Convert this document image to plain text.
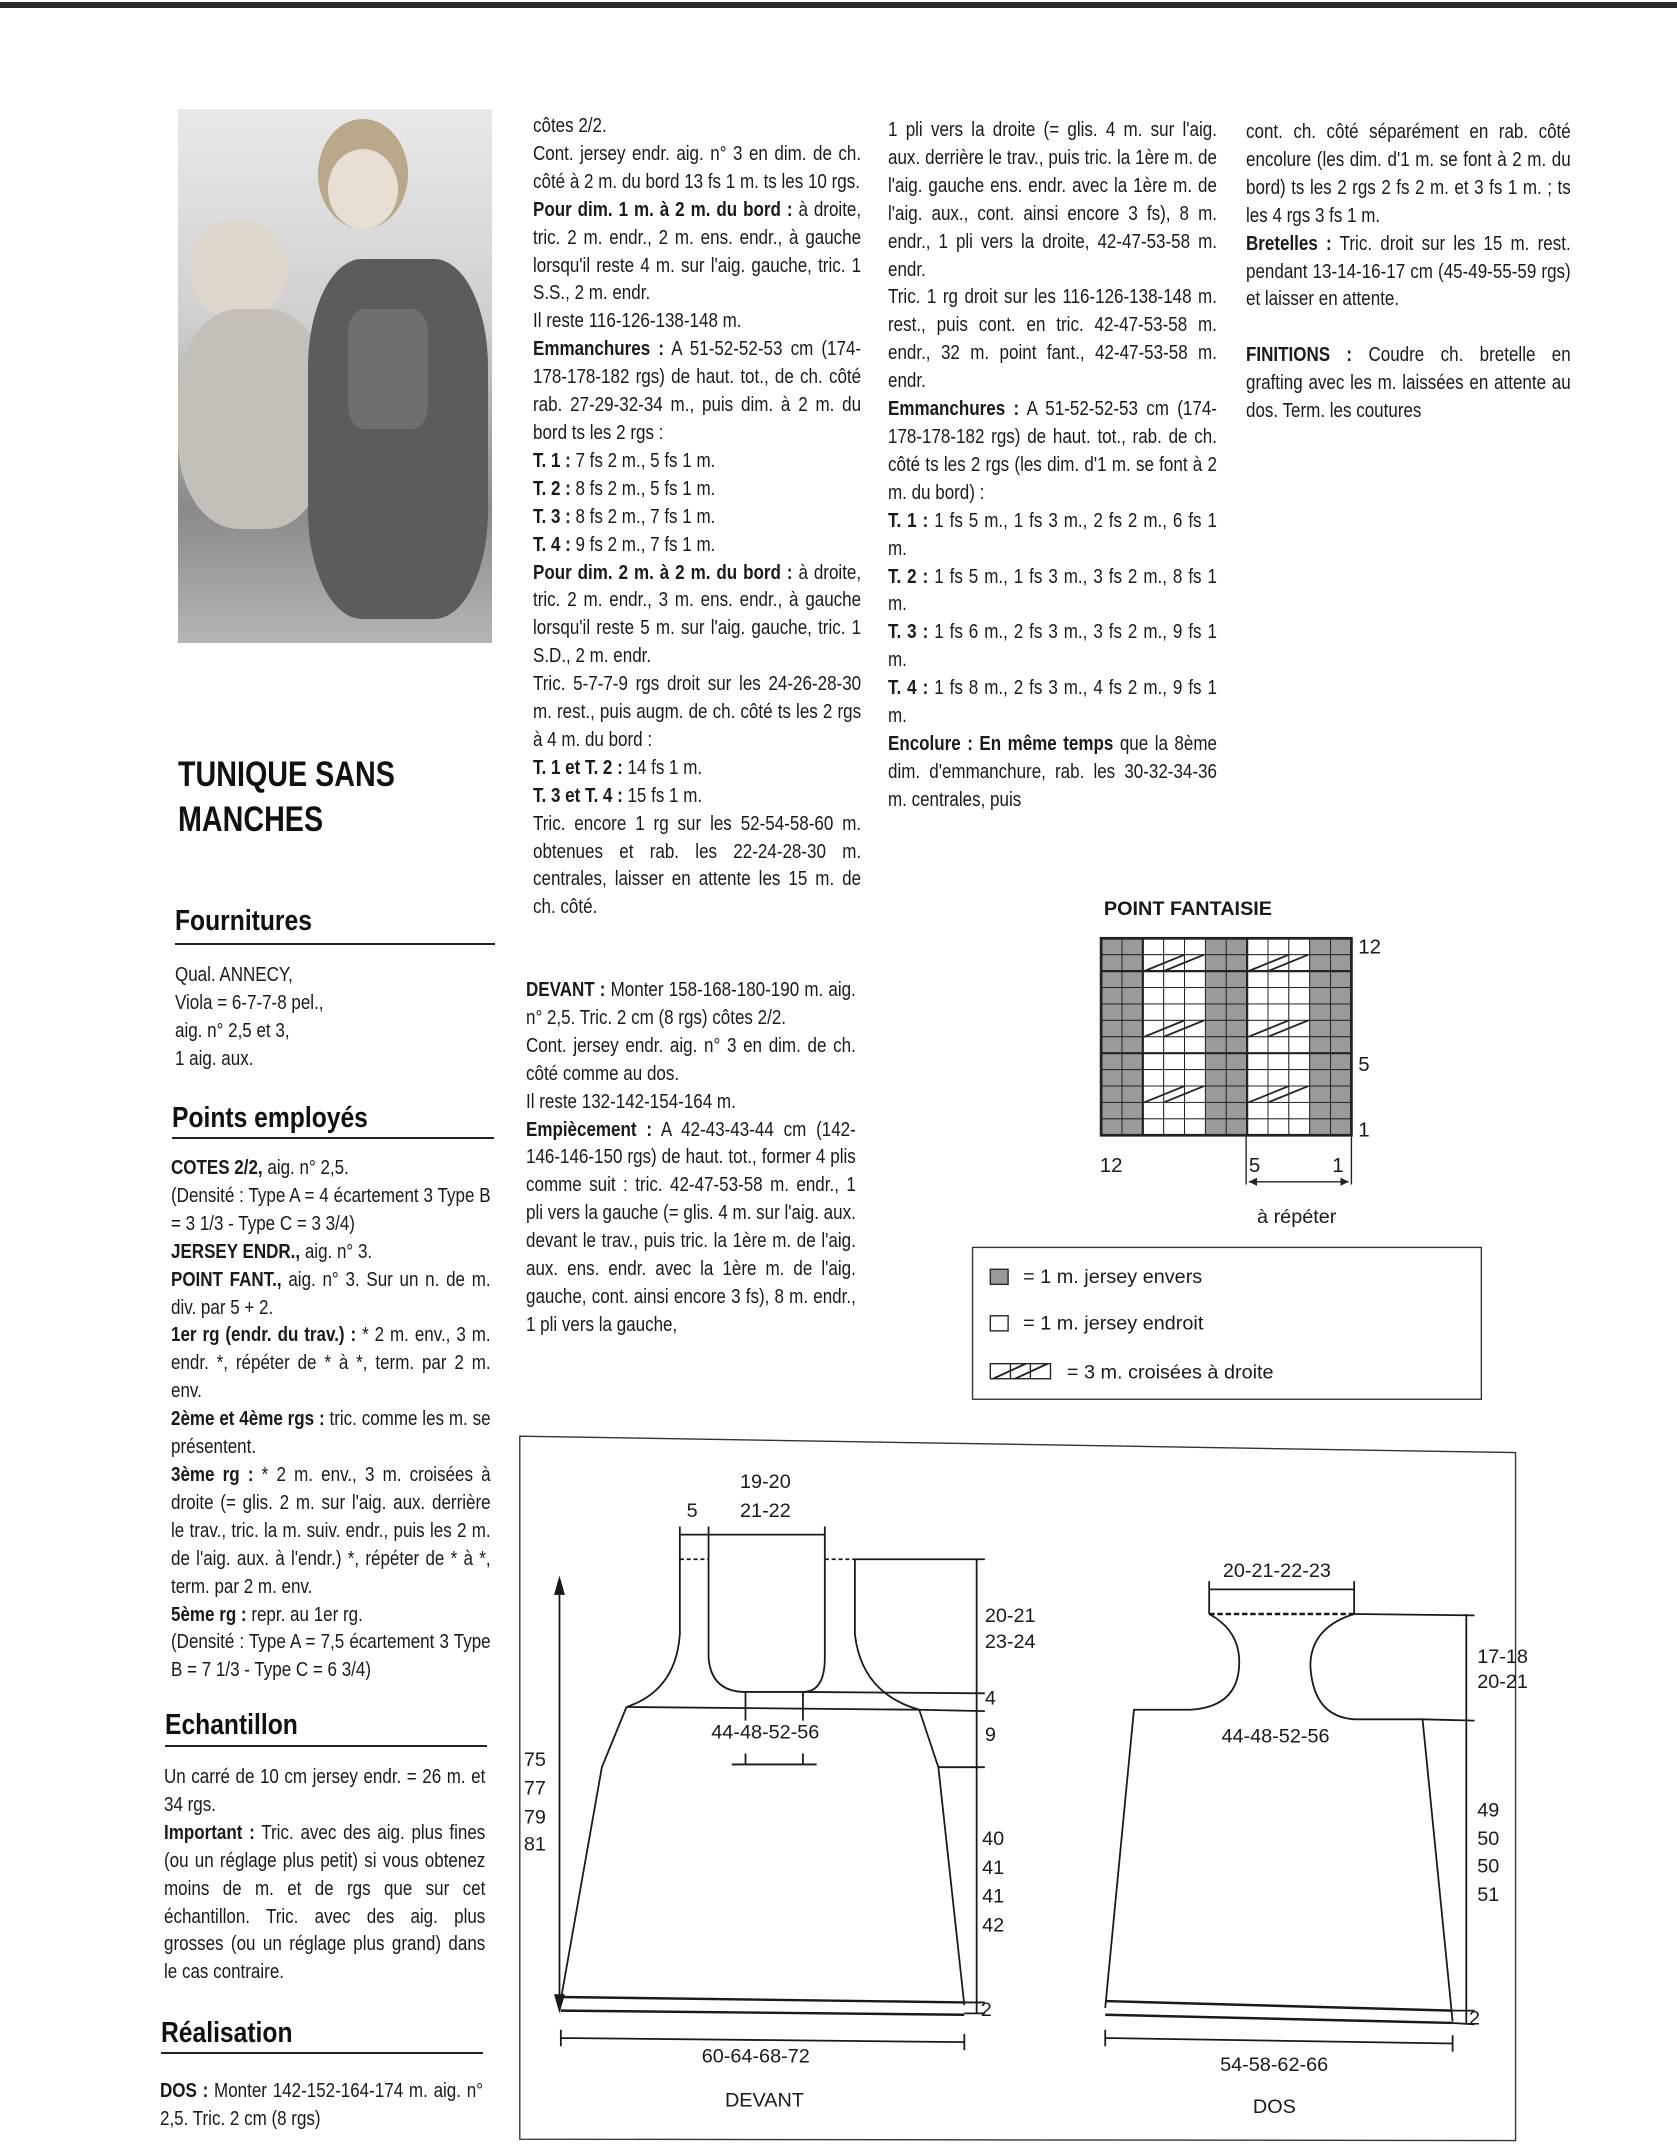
TUNIQUE SANS
MANCHES
Fournitures
Qual. ANNECY,
Viola = 6-7-7-8 pel.,
aig. n° 2,5 et 3,
1 aig. aux.
Points employés

COTES 2/2, aig. n° 2,5.

(Densité : Type A = 4 écartement 3 Type B = 3 1/3 - Type C = 3 3/4)

JERSEY ENDR., aig. n° 3.

POINT FANT., aig. n° 3. Sur un n. de m. div. par 5 + 2.

1er rg (endr. du trav.) : * 2 m. env., 3 m. endr. *, répéter de * à *, term. par 2 m. env.

2ème et 4ème rgs : tric. comme les m. se présentent.

3ème rg : * 2 m. env., 3 m. croisées à droite (= glis. 2 m. sur l'aig. aux. derrière le trav., tric. la m. suiv. endr., puis les 2 m. de l'aig. aux. à l'endr.) *, répéter de * à *, term. par 2 m. env.

5ème rg : repr. au 1er rg.

(Densité : Type A = 7,5 écartement 3 Type B = 7 1/3 - Type C = 6 3/4)

Echantillon

Un carré de 10 cm jersey endr. = 26 m. et 34 rgs.

Important : Tric. avec des aig. plus fines (ou un réglage plus petit) si vous obtenez moins de m. et de rgs que sur cet échantillon. Tric. avec des aig. plus grosses (ou un réglage plus grand) dans le cas contraire.

Réalisation

DOS : Monter 142-152-164-174 m. aig. n° 2,5. Tric. 2 cm (8 rgs)

côtes 2/2.

Cont. jersey endr. aig. n° 3 en dim. de ch. côté à 2 m. du bord 13 fs 1 m. ts les 10 rgs.

Pour dim. 1 m. à 2 m. du bord : à droite, tric. 2 m. endr., 2 m. ens. endr., à gauche lorsqu'il reste 4 m. sur l'aig. gauche, tric. 1 S.S., 2 m. endr.

Il reste 116-126-138-148 m.

Emmanchures : A 51-52-52-53 cm (174-178-178-182 rgs) de haut. tot., de ch. côté rab. 27-29-32-34 m., puis dim. à 2 m. du bord ts les 2 rgs :

T. 1 : 7 fs 2 m., 5 fs 1 m.

T. 2 : 8 fs 2 m., 5 fs 1 m.

T. 3 : 8 fs 2 m., 7 fs 1 m.

T. 4 : 9 fs 2 m., 7 fs 1 m.

Pour dim. 2 m. à 2 m. du bord : à droite, tric. 2 m. endr., 3 m. ens. endr., à gauche lorsqu'il reste 5 m. sur l'aig. gauche, tric. 1 S.D., 2 m. endr.

Tric. 5-7-7-9 rgs droit sur les 24-26-28-30 m. rest., puis augm. de ch. côté ts les 2 rgs à 4 m. du bord :

T. 1 et T. 2 : 14 fs 1 m.

T. 3 et T. 4 : 15 fs 1 m.

Tric. encore 1 rg sur les 52-54-58-60 m. obtenues et rab. les 22-24-28-30 m. centrales, laisser en attente les 15 m. de ch. côté.

DEVANT : Monter 158-168-180-190 m. aig. n° 2,5. Tric. 2 cm (8 rgs) côtes 2/2.

Cont. jersey endr. aig. n° 3 en dim. de ch. côté comme au dos.

Il reste 132-142-154-164 m.

Empiècement : A 42-43-43-44 cm (142-146-146-150 rgs) de haut. tot., former 4 plis comme suit : tric. 42-47-53-58 m. endr., 1 pli vers la gauche (= glis. 4 m. sur l'aig. aux. devant le trav., puis tric. la 1ère m. de l'aig. aux. ens. endr. avec la 1ère m. de l'aig. gauche, cont. ainsi encore 3 fs), 8 m. endr., 1 pli vers la gauche,

1 pli vers la droite (= glis. 4 m. sur l'aig. aux. derrière le trav., puis tric. la 1ère m. de l'aig. gauche ens. endr. avec la 1ère m. de l'aig. aux., cont. ainsi encore 3 fs), 8 m. endr., 1 pli vers la droite, 42-47-53-58 m. endr.

Tric. 1 rg droit sur les 116-126-138-148 m. rest., puis cont. en tric. 42-47-53-58 m. endr., 32 m. point fant., 42-47-53-58 m. endr.

Emmanchures : A 51-52-52-53 cm (174-178-178-182 rgs) de haut. tot., rab. de ch. côté ts les 2 rgs (les dim. d'1 m. se font à 2 m. du bord) :

T. 1 : 1 fs 5 m., 1 fs 3 m., 2 fs 2 m., 6 fs 1 m.

T. 2 : 1 fs 5 m., 1 fs 3 m., 3 fs 2 m., 8 fs 1 m.

T. 3 : 1 fs 6 m., 2 fs 3 m., 3 fs 2 m., 9 fs 1 m.

T. 4 : 1 fs 8 m., 2 fs 3 m., 4 fs 2 m., 9 fs 1 m.

Encolure : En même temps que la 8ème dim. d'emmanchure, rab. les 30-32-34-36 m. centrales, puis

cont. ch. côté séparément en rab. côté encolure (les dim. d'1 m. se font à 2 m. du bord) ts les 2 rgs 2 fs 2 m. et 3 fs 1 m. ; ts les 4 rgs 3 fs 1 m.

Bretelles : Tric. droit sur les 15 m. rest. pendant 13-14-16-17 cm (45-49-55-59 rgs) et laisser en attente.

FINITIONS : Coudre ch. bretelle en grafting avec les m. laissées en attente au dos. Term. les coutures

POINT FANTAISIE
12
5
1
12	5	1
à répéter
= 1 m. jersey envers
= 1 m. jersey endroit
= 3 m. croisées à droite
19-20
21-22
5
20-21
23-24
4
9
44-48-52-56
40
41
41
42
75
77
79
81
2
60-64-68-72
DEVANT
20-21-22-23
17-18
20-21
44-48-52-56
49
50
50
51
2
54-58-62-66
DOS
